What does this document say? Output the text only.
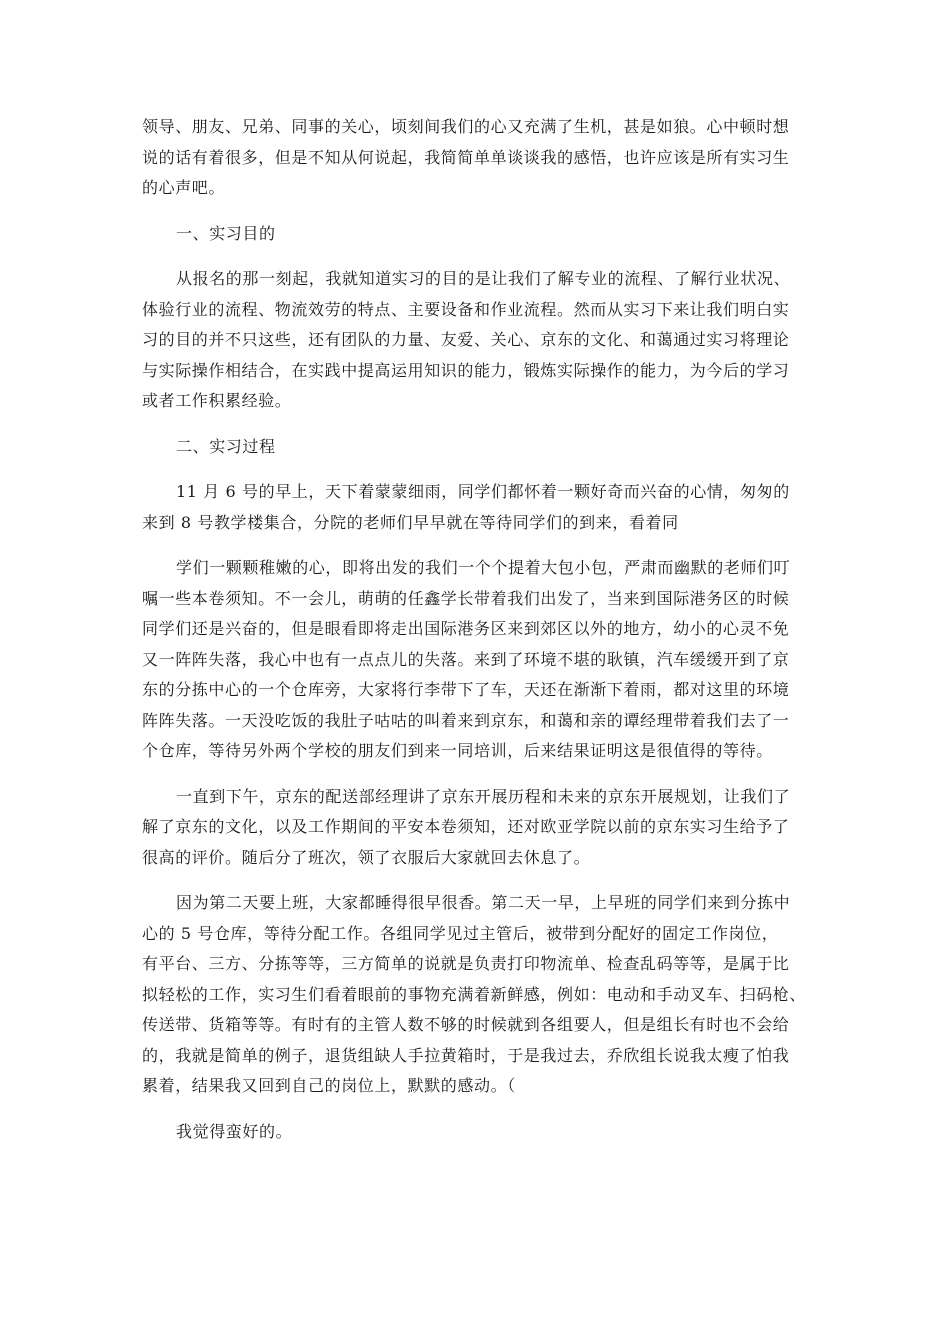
领导、朋友、兄弟、同事的关心，顷刻间我们的心又充满了生机，甚是如狼。心中顿时想
说的话有着很多，但是不知从何说起，我简简单单谈谈我的感悟，也许应该是所有实习生
的心声吧。

一、实习目的

从报名的那一刻起，我就知道实习的目的是让我们了解专业的流程、了解行业状况、
体验行业的流程、物流效劳的特点、主要设备和作业流程。然而从实习下来让我们明白实
习的目的并不只这些，还有团队的力量、友爱、关心、京东的文化、和蔼通过实习将理论
与实际操作相结合，在实践中提高运用知识的能力，锻炼实际操作的能力，为今后的学习
或者工作积累经验。

二、实习过程

11 月 6 号的早上，天下着蒙蒙细雨，同学们都怀着一颗好奇而兴奋的心情，匆匆的
来到 8 号教学楼集合，分院的老师们早早就在等待同学们的到来，看着同

学们一颗颗稚嫩的心，即将出发的我们一个个提着大包小包，严肃而幽默的老师们叮
嘱一些本卷须知。不一会儿，萌萌的任鑫学长带着我们出发了，当来到国际港务区的时候
同学们还是兴奋的，但是眼看即将走出国际港务区来到郊区以外的地方，幼小的心灵不免
又一阵阵失落，我心中也有一点点儿的失落。来到了环境不堪的耿镇，汽车缓缓开到了京
东的分拣中心的一个仓库旁，大家将行李带下了车，天还在渐渐下着雨，都对这里的环境
阵阵失落。一天没吃饭的我肚子咕咕的叫着来到京东，和蔼和亲的谭经理带着我们去了一
个仓库，等待另外两个学校的朋友们到来一同培训，后来结果证明这是很值得的等待。

一直到下午，京东的配送部经理讲了京东开展历程和未来的京东开展规划，让我们了
解了京东的文化，以及工作期间的平安本卷须知，还对欧亚学院以前的京东实习生给予了
很高的评价。随后分了班次，领了衣服后大家就回去休息了。

因为第二天要上班，大家都睡得很早很香。第二天一早，上早班的同学们来到分拣中
心的 5 号仓库，等待分配工作。各组同学见过主管后，被带到分配好的固定工作岗位，
有平台、三方、分拣等等，三方简单的说就是负责打印物流单、检查乱码等等，是属于比
拟轻松的工作，实习生们看着眼前的事物充满着新鲜感，例如：电动和手动叉车、扫码枪、
传送带、货箱等等。有时有的主管人数不够的时候就到各组要人，但是组长有时也不会给
的，我就是简单的例子，退货组缺人手拉黄箱时，于是我过去，乔欣组长说我太瘦了怕我
累着，结果我又回到自己的岗位上，默默的感动。（

我觉得蛮好的。
